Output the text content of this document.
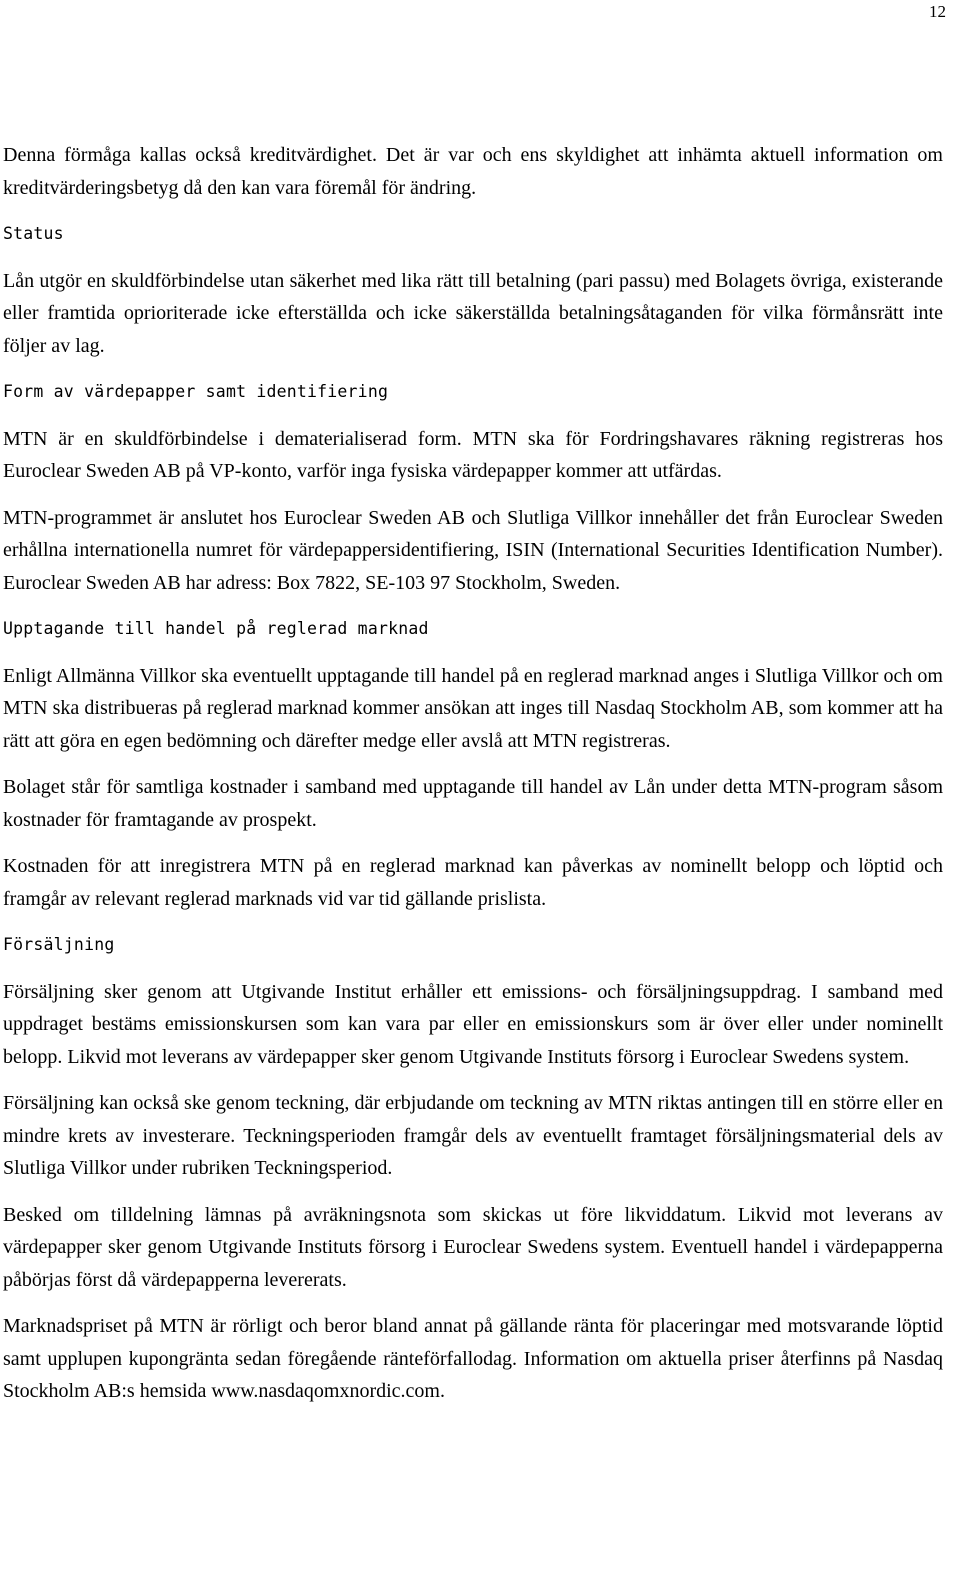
12

Denna förmåga kallas också kreditvärdighet. Det är var och ens skyldighet att inhämta aktuell information om kreditvärderingsbetyg då den kan vara föremål för ändring.

Status

Lån utgör en skuldförbindelse utan säkerhet med lika rätt till betalning (pari passu) med Bolagets övriga, existerande eller framtida oprioriterade icke efterställda och icke säkerställda betalningsåtaganden för vilka förmånsrätt inte följer av lag.

Form av värdepapper samt identifiering

MTN är en skuldförbindelse i dematerialiserad form. MTN ska för Fordringshavares räkning registreras hos Euroclear Sweden AB på VP-konto, varför inga fysiska värdepapper kommer att utfärdas.

MTN-programmet är anslutet hos Euroclear Sweden AB och Slutliga Villkor innehåller det från Euroclear Sweden erhållna internationella numret för värdepappersidentifiering, ISIN (International Securities Identification Number). Euroclear Sweden AB har adress: Box 7822, SE-103 97 Stockholm, Sweden.

Upptagande till handel på reglerad marknad

Enligt Allmänna Villkor ska eventuellt upptagande till handel på en reglerad marknad anges i Slutliga Villkor och om MTN ska distribueras på reglerad marknad kommer ansökan att inges till Nasdaq Stockholm AB, som kommer att ha rätt att göra en egen bedömning och därefter medge eller avslå att MTN registreras.

Bolaget står för samtliga kostnader i samband med upptagande till handel av Lån under detta MTN-program såsom kostnader för framtagande av prospekt.

Kostnaden för att inregistrera MTN på en reglerad marknad kan påverkas av nominellt belopp och löptid och framgår av relevant reglerad marknads vid var tid gällande prislista.

Försäljning

Försäljning sker genom att Utgivande Institut erhåller ett emissions- och försäljningsuppdrag. I samband med uppdraget bestäms emissionskursen som kan vara par eller en emissionskurs som är över eller under nominellt belopp. Likvid mot leverans av värdepapper sker genom Utgivande Instituts försorg i Euroclear Swedens system.

Försäljning kan också ske genom teckning, där erbjudande om teckning av MTN riktas antingen till en större eller en mindre krets av investerare. Teckningsperioden framgår dels av eventuellt framtaget försäljningsmaterial dels av Slutliga Villkor under rubriken Teckningsperiod.

Besked om tilldelning lämnas på avräkningsnota som skickas ut före likviddatum. Likvid mot leverans av värdepapper sker genom Utgivande Instituts försorg i Euroclear Swedens system. Eventuell handel i värdepapperna påbörjas först då värdepapperna levererats.

Marknadspriset på MTN är rörligt och beror bland annat på gällande ränta för placeringar med motsvarande löptid samt upplupen kupongränta sedan föregående ränteförfallodag. Information om aktuella priser återfinns på Nasdaq Stockholm AB:s hemsida www.nasdaqomxnordic.com.
